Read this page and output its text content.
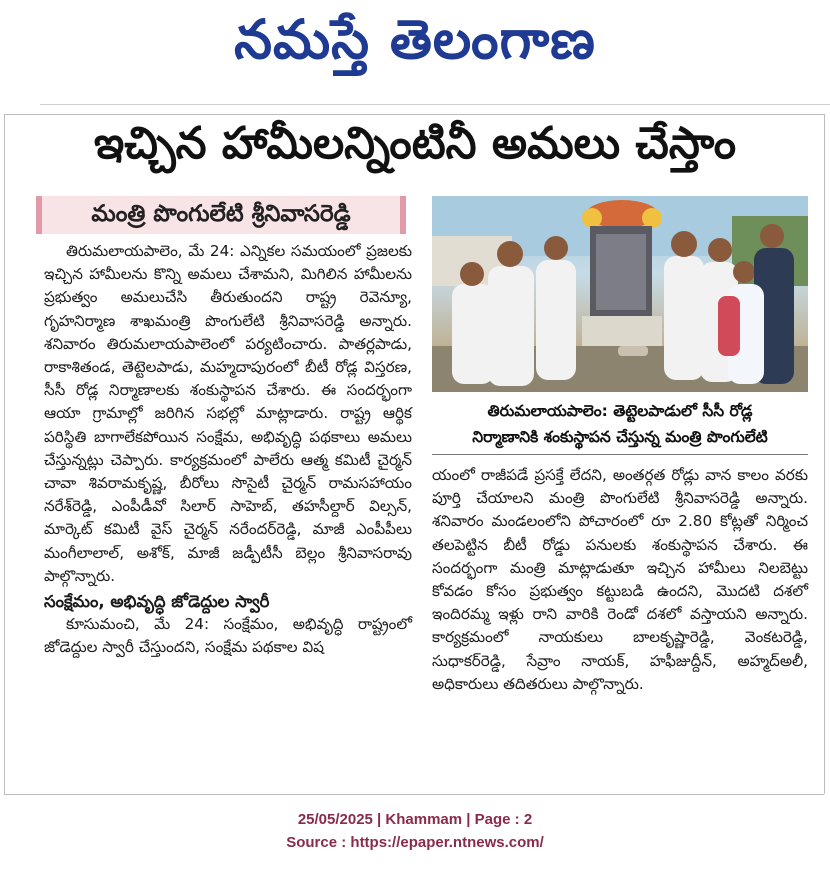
నమస్తే తెలంగాణ
ఇచ్చిన హామీలన్నింటినీ అమలు చేస్తాం
మంత్రి పొంగులేటి శ్రీనివాసరెడ్డి

తిరుమలాయపాలెం, మే 24: ఎన్నికల సమయంలో ప్రజలకు ఇచ్చిన హామీలను కొన్ని అమలు చేశామని, మిగిలిన హామీలను ప్రభుత్వం అమలుచేసి తీరుతుందని రాష్ట్ర రెవెన్యూ, గృహనిర్మాణ శాఖమంత్రి పొంగులేటి శ్రీనివాసరెడ్డి అన్నారు. శనివారం తిరుమలాయపాలెంలో పర్యటించారు. పాతర్లపాడు, రాకాశితండ, తెట్టెలపాడు, మహ్మదాపురంలో బీటీ రోడ్ల విస్తరణ, సీసీ రోడ్ల నిర్మాణాలకు శంకుస్థాపన చేశారు. ఈ సందర్భంగా ఆయా గ్రామాల్లో జరిగిన సభల్లో మాట్లాడారు. రాష్ట్ర ఆర్థిక పరిస్థితి బాగాలేకపోయిన సంక్షేమ, అభివృద్ధి పథకాలు అమలు చేస్తున్నట్లు చెప్పారు. కార్యక్రమంలో పాలేరు ఆత్మ కమిటీ చైర్మన్ చావా శివరామకృష్ణ, బీరోలు సొసైటీ చైర్మన్ రామసహాయం నరేశ్‌రెడ్డి, ఎంపీడీవో సిలార్ సాహెబ్, తహసీల్దార్ విల్సన్, మార్కెట్ కమిటీ వైస్ చైర్మన్ నరేందర్‌రెడ్డి, మాజీ ఎంపీపీలు మంగీలాలాల్, అశోక్, మాజీ జడ్పీటీసీ బెల్లం శ్రీనివాసరావు పాల్గొన్నారు.

సంక్షేమం, అభివృద్ధి జోడెద్దుల స్వారీ

కూసుమంచి, మే 24: సంక్షేమం, అభివృద్ధి రాష్ట్రంలో జోడెద్దుల స్వారీ చేస్తుందని, సంక్షేమ పథకాల విష

తిరుమలాయపాలెం: తెట్టెలపాడులో సీసీ రోడ్ల
నిర్మాణానికి శంకుస్థాపన చేస్తున్న మంత్రి పొంగులేటి

యంలో రాజీపడే ప్రసక్తే లేదని, అంతర్గత రోడ్లు వాన కాలం వరకు పూర్తి చేయాలని మంత్రి పొంగులేటి శ్రీనివాసరెడ్డి అన్నారు. శనివారం మండలంలోని పోచారంలో రూ 2.80 కోట్లతో నిర్మించ తలపెట్టిన బీటీ రోడ్డు పనులకు శంకుస్థాపన చేశారు. ఈ సందర్భంగా మంత్రి మాట్లాడుతూ ఇచ్చిన హామీలు నిలబెట్టు కోవడం కోసం ప్రభుత్వం కట్టుబడి ఉందని, మొదటి దశలో ఇందిరమ్మ ఇళ్లు రాని వారికి రెండో దశలో వస్తాయని అన్నారు. కార్యక్రమంలో నాయకులు బాలకృష్ణారెడ్డి, వెంకటరెడ్డి, సుధాకర్‌రెడ్డి, సేవ్రాం నాయక్, హఫీజుద్దీన్, అహ్మద్‌అలీ, అధికారులు తదితరులు పాల్గొన్నారు.

25/05/2025 | Khammam | Page : 2
Source : https://epaper.ntnews.com/
